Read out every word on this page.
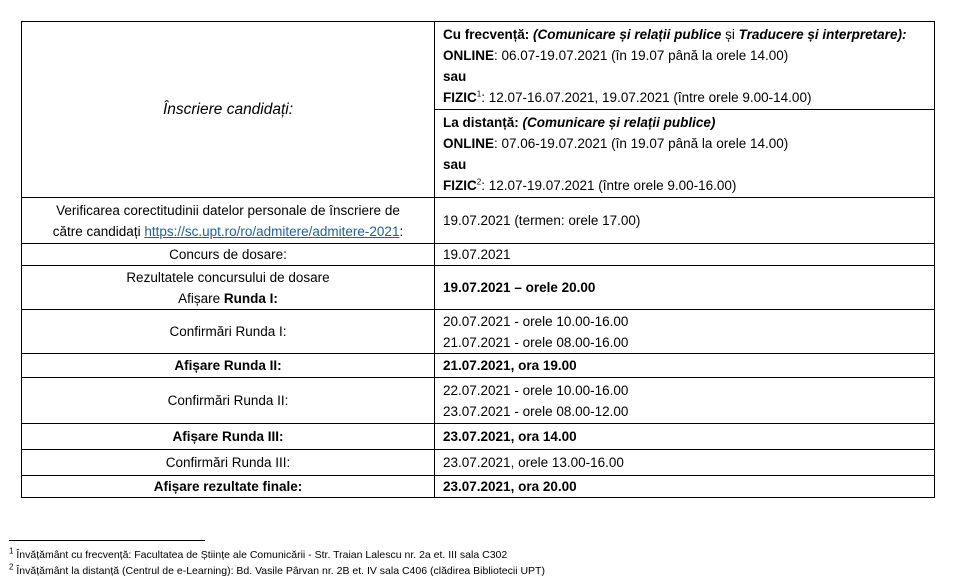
Înscriere candidați:	Cu frecvență: (Comunicare și relații publice și Traducere și interpretare):
ONLINE: 06.07-19.07.2021 (în 19.07 până la orele 14.00)
sau
FIZIC$^1$: 12.07-16.07.2021, 19.07.2021 (între orele 9.00-14.00)

	La distanță: (Comunicare și relații publice)
ONLINE: 07.06-19.07.2021 (în 19.07 până la orele 14.00)
sau
FIZIC$^2$: 12.07-19.07.2021 (între orele 9.00-16.00)

Verificarea corectitudinii datelor personale de înscriere de
către candidați https://sc.upt.ro/ro/admitere/admitere-2021:	19.07.2021 (termen: orele 17.00)
Concurs de dosare:	19.07.2021

Rezultatele concursului de dosare
Afișare Runda I:	19.07.2021 – orele 20.00
Confirmări Runda I:	20.07.2021 - orele 10.00-16.00
21.07.2021 - orele 08.00-16.00

Afișare Runda II:	21.07.2021, ora 19.00
Confirmări Runda II:	22.07.2021 - orele 10.00-16.00
23.07.2021 - orele 08.00-12.00

Afișare Runda III:	23.07.2021, ora 14.00
Confirmări Runda III:	23.07.2021, orele 13.00-16.00
Afișare rezultate finale:	23.07.2021, ora 20.00
$^1$ Învățământ cu frecvență: Facultatea de Științe ale Comunicării - Str. Traian Lalescu nr. 2a et. III sala C302
$^2$ Învățământ la distanță (Centrul de e-Learning): Bd. Vasile Pârvan nr. 2B et. IV sala C406 (clădirea Bibliotecii UPT)
